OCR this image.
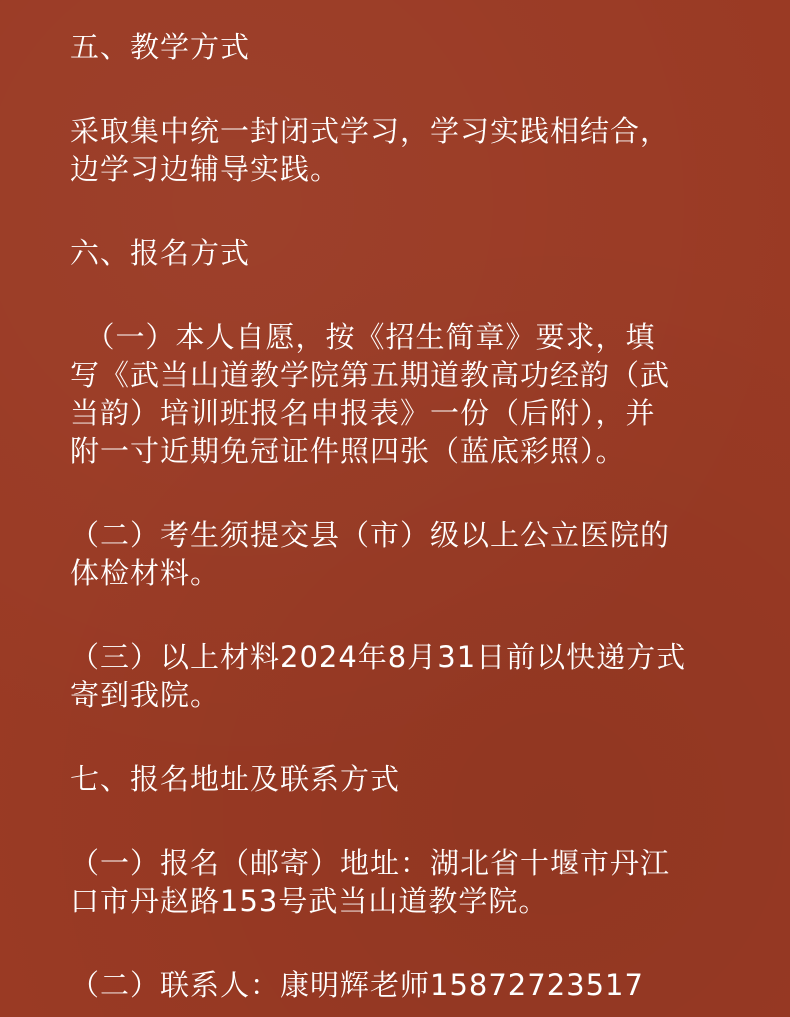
五、教学方式
采取集中统一封闭式学习，学习实践相结合，
边学习边辅导实践。
六、报名方式
　（一）本人自愿，按《招生简章》要求，填
写《武当山道教学院第五期道教高功经韵（武
当韵）培训班报名申报表》一份（后附），并
附一寸近期免冠证件照四张（蓝底彩照）。
（二）考生须提交县（市）级以上公立医院的
体检材料。
（三）以上材料2024年8月31日前以快递方式
寄到我院。
七、报名地址及联系方式
（一）报名（邮寄）地址：湖北省十堰市丹江
口市丹赵路153号武当山道教学院。
（二）联系人：康明辉老师15872723517
